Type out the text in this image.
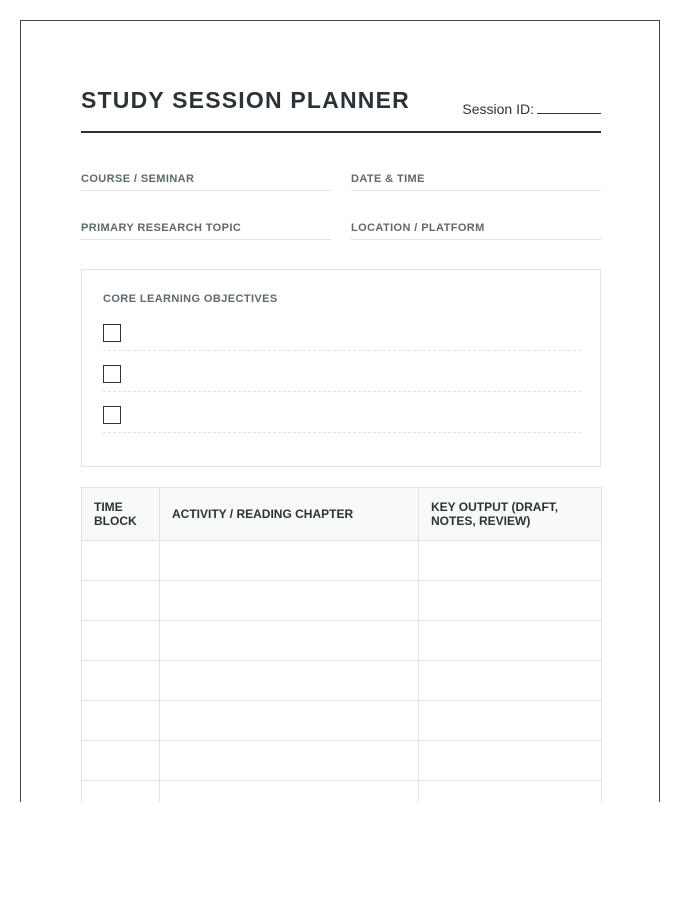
STUDY SESSION PLANNER	Session ID:
COURSE / SEMINAR	DATE & TIME
PRIMARY RESEARCH TOPIC	LOCATION / PLATFORM
CORE LEARNING OBJECTIVES
TIME BLOCK	ACTIVITY / READING CHAPTER	KEY OUTPUT (DRAFT, NOTES, REVIEW)
